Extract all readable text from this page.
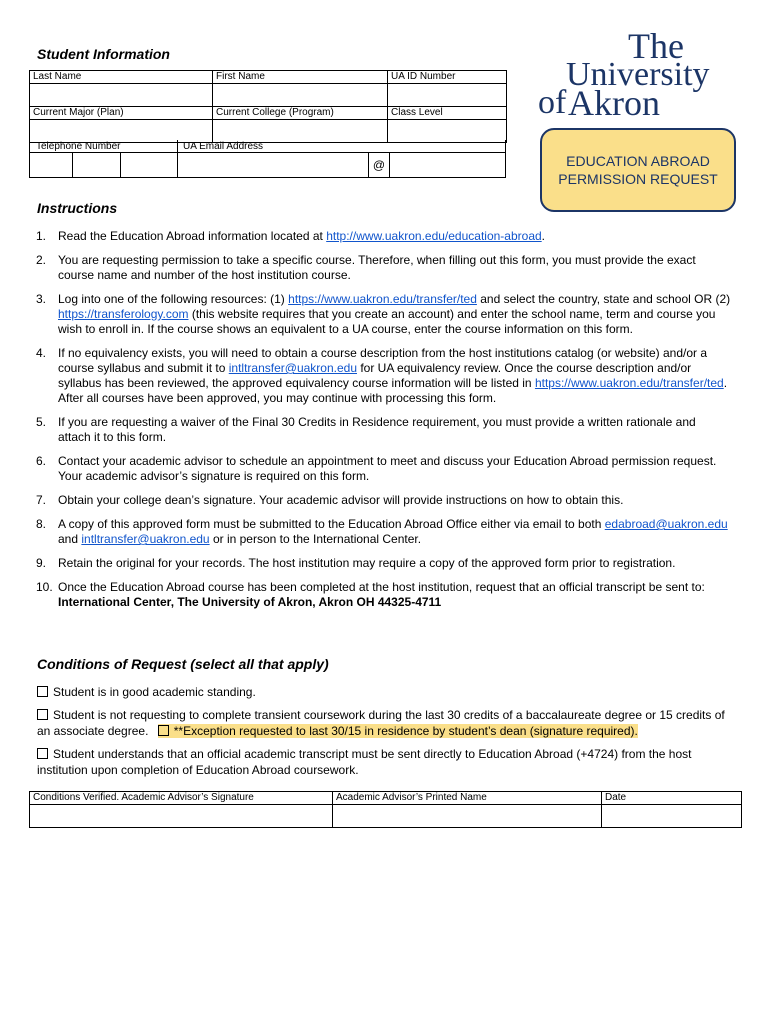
Student Information
Last Name	First Name	UA ID Number

Current Major (Plan)	Current College (Program)	Class Level
Telephone Number	UA Email Address
@
The
University
of Akron
EDUCATION ABROAD
PERMISSION REQUEST
Instructions
1. Read the Education Abroad information located at http://www.uakron.edu/education-abroad.
2. You are requesting permission to take a specific course. Therefore, when filling out this form, you must provide the exact course name and number of the host institution course.
3. Log into one of the following resources: (1) https://www.uakron.edu/transfer/ted and select the country, state and school OR (2) https://transferology.com (this website requires that you create an account) and enter the school name, term and course you wish to enroll in. If the course shows an equivalent to a UA course, enter the course information on this form.
4. If no equivalency exists, you will need to obtain a course description from the host institutions catalog (or website) and/or a course syllabus and submit it to intltransfer@uakron.edu for UA equivalency review. Once the course description and/or syllabus has been reviewed, the approved equivalency course information will be listed in https://www.uakron.edu/transfer/ted. After all courses have been approved, you may continue with processing this form.
5. If you are requesting a waiver of the Final 30 Credits in Residence requirement, you must provide a written rationale and attach it to this form.
6. Contact your academic advisor to schedule an appointment to meet and discuss your Education Abroad permission request. Your academic advisor’s signature is required on this form.
7. Obtain your college dean’s signature. Your academic advisor will provide instructions on how to obtain this.
8. A copy of this approved form must be submitted to the Education Abroad Office either via email to both edabroad@uakron.edu and intltransfer@uakron.edu or in person to the International Center.
9. Retain the original for your records. The host institution may require a copy of the approved form prior to registration.
10. Once the Education Abroad course has been completed at the host institution, request that an official transcript be sent to: International Center, The University of Akron, Akron OH 44325-4711
Conditions of Request (select all that apply)
Student is in good academic standing.
Student is not requesting to complete transient coursework during the last 30 credits of a baccalaureate degree or 15 credits of an associate degree. **Exception requested to last 30/15 in residence by student’s dean (signature required).
Student understands that an official academic transcript must be sent directly to Education Abroad (+4724) from the host institution upon completion of Education Abroad coursework.
Conditions Verified. Academic Advisor’s Signature	Academic Advisor’s Printed Name	Date
